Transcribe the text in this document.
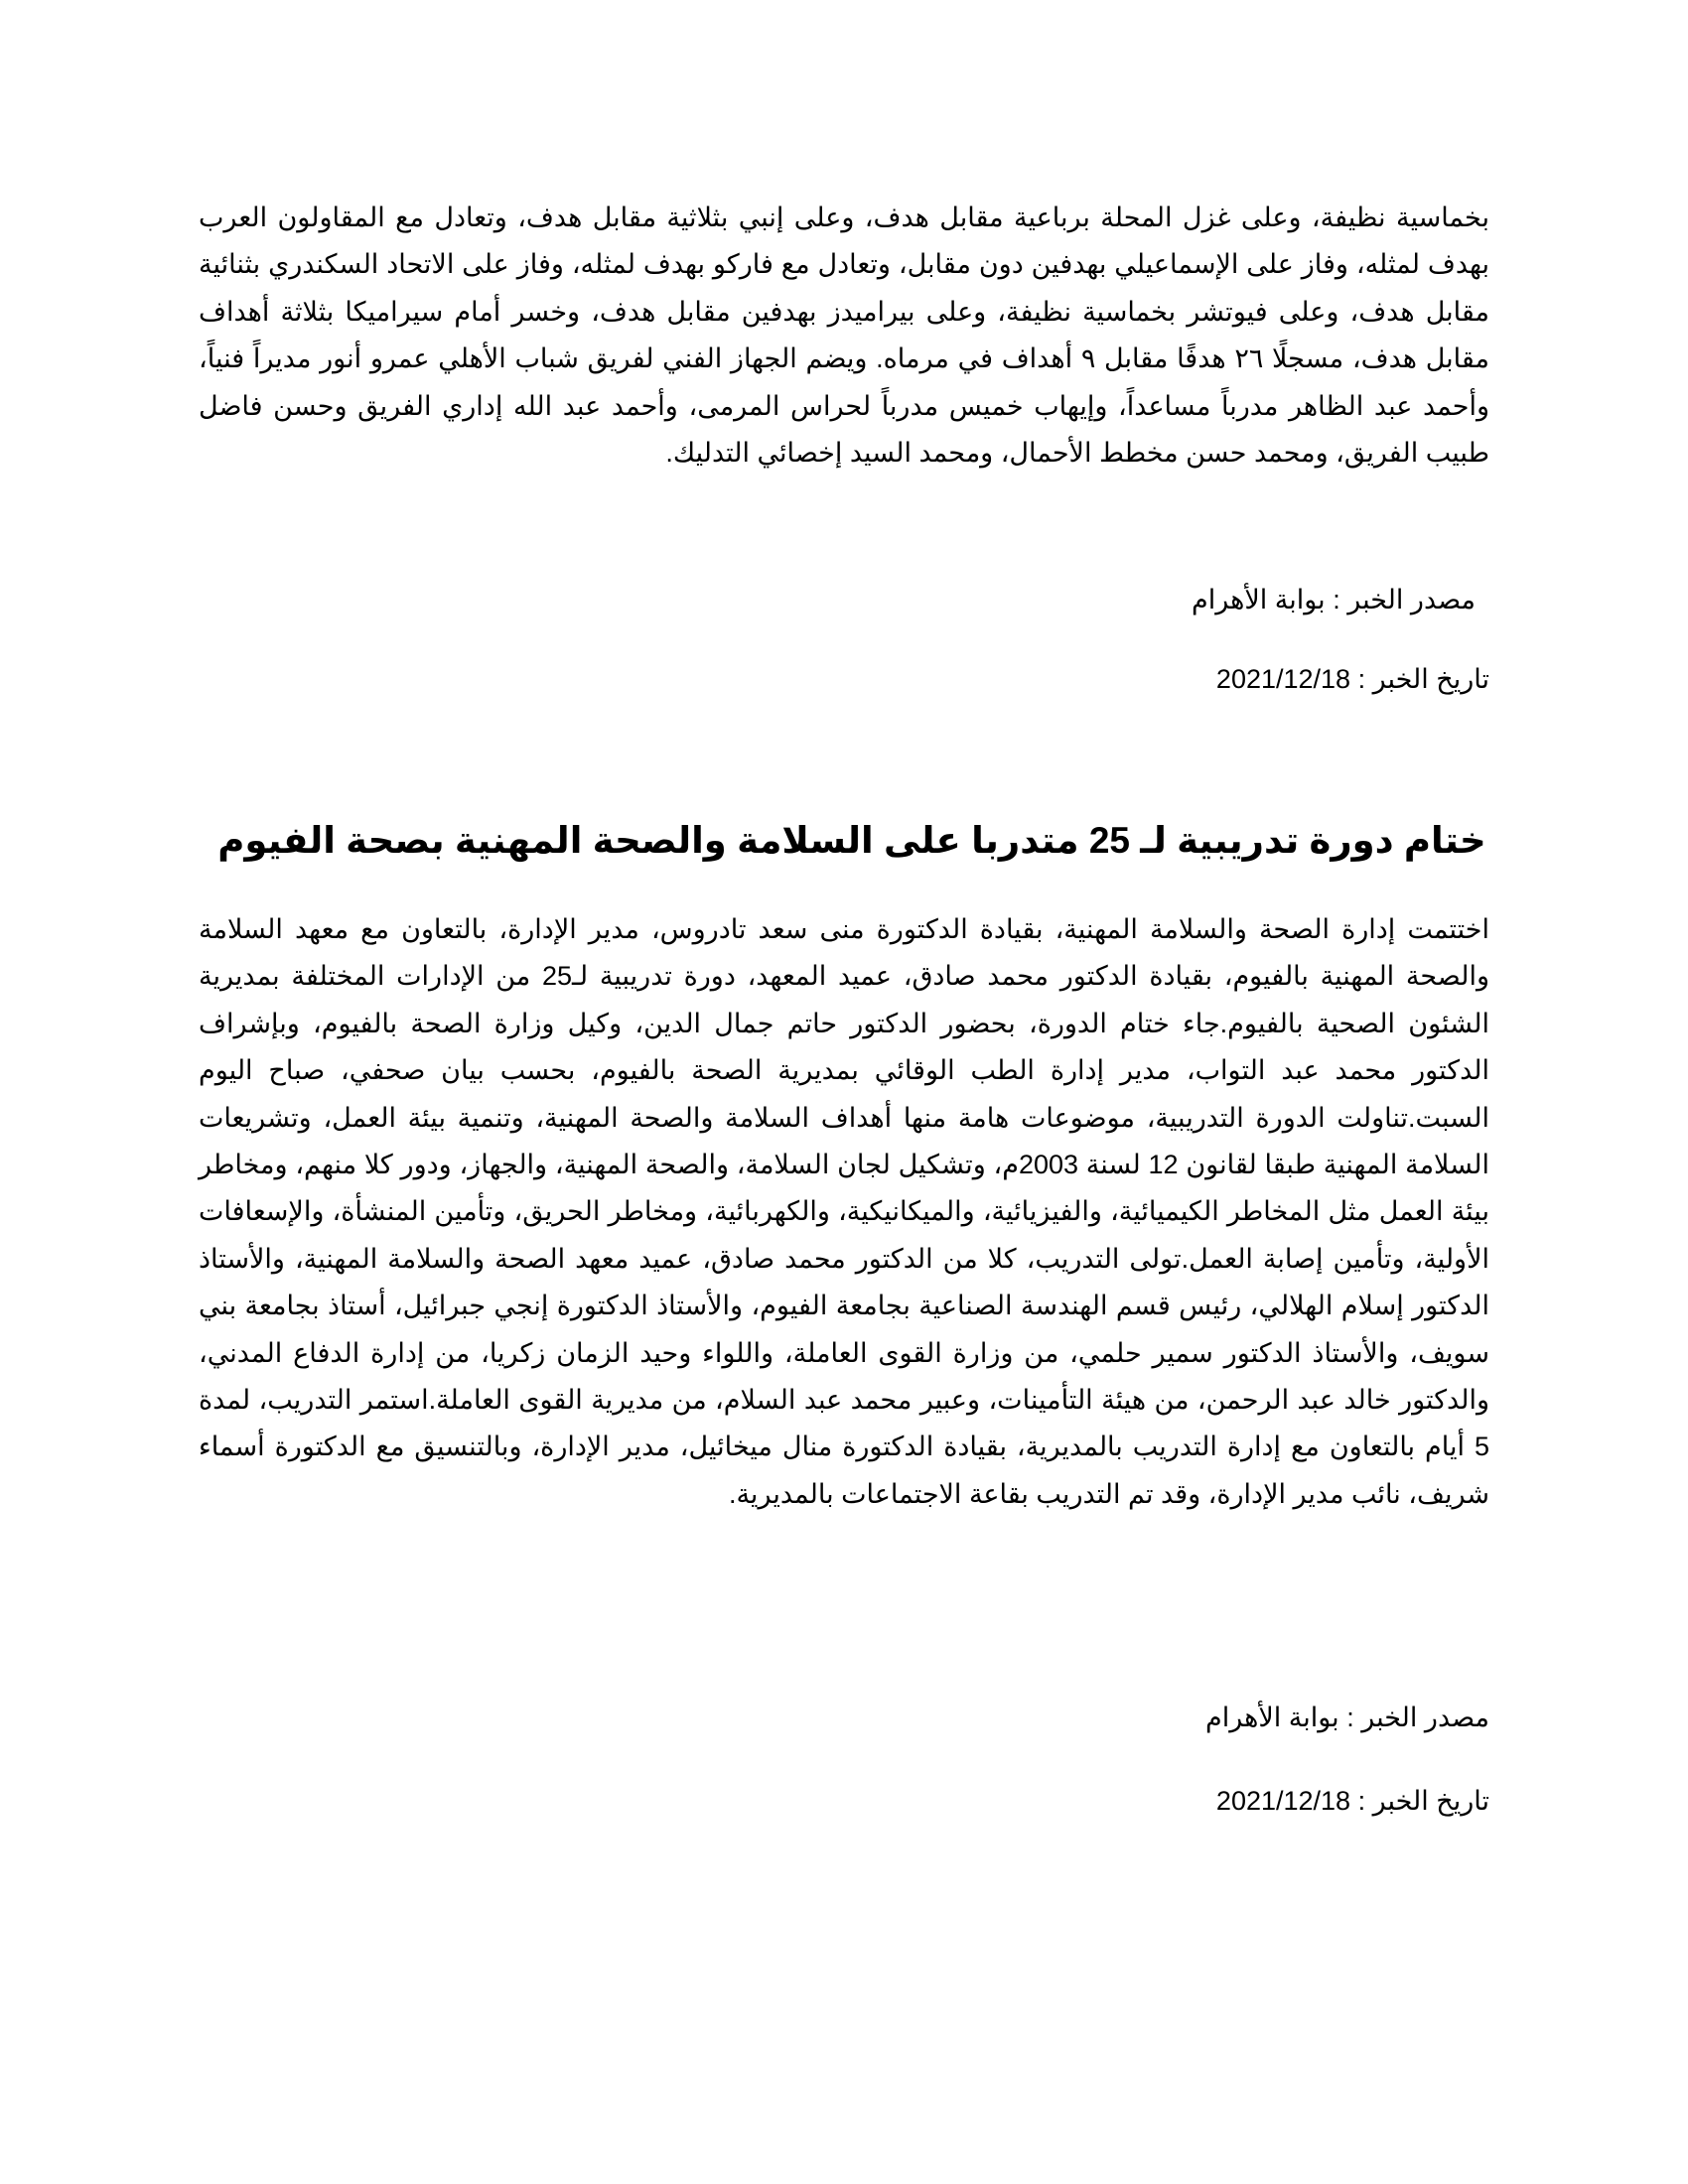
بخماسية نظيفة، وعلى غزل المحلة برباعية مقابل هدف، وعلى إنبي بثلاثية مقابل هدف، وتعادل مع المقاولون العرب بهدف لمثله، وفاز على الإسماعيلي بهدفين دون مقابل، وتعادل مع فاركو بهدف لمثله، وفاز على الاتحاد السكندري بثنائية مقابل هدف، وعلى فيوتشر بخماسية نظيفة، وعلى بيراميدز بهدفين مقابل هدف، وخسر أمام سيراميكا بثلاثة أهداف مقابل هدف، مسجلًا ٢٦ هدفًا مقابل ٩ أهداف في مرماه. ويضم الجهاز الفني لفريق شباب الأهلي عمرو أنور مديراً فنياً، وأحمد عبد الظاهر مدرباً مساعداً، وإيهاب خميس مدرباً لحراس المرمى، وأحمد عبد الله إداري الفريق وحسن فاضل طبيب الفريق، ومحمد حسن مخطط الأحمال، ومحمد السيد إخصائي التدليك.

مصدر الخبر : بوابة الأهرام

تاريخ الخبر : 2021/12/18

ختام دورة تدريبية لـ 25 متدربا على السلامة والصحة المهنية بصحة الفيوم

اختتمت إدارة الصحة والسلامة المهنية، بقيادة الدكتورة منى سعد تادروس، مدير الإدارة، بالتعاون مع معهد السلامة والصحة المهنية بالفيوم، بقيادة الدكتور محمد صادق، عميد المعهد، دورة تدريبية لـ25 من الإدارات المختلفة بمديرية الشئون الصحية بالفيوم.جاء ختام الدورة، بحضور الدكتور حاتم جمال الدين، وكيل وزارة الصحة بالفيوم، وبإشراف الدكتور محمد عبد التواب، مدير إدارة الطب الوقائي بمديرية الصحة بالفيوم، بحسب بيان صحفي، صباح اليوم السبت.تناولت الدورة التدريبية، موضوعات هامة منها أهداف السلامة والصحة المهنية، وتنمية بيئة العمل، وتشريعات السلامة المهنية طبقا لقانون 12 لسنة 2003م، وتشكيل لجان السلامة، والصحة المهنية، والجهاز، ودور كلا منهم، ومخاطر بيئة العمل مثل المخاطر الكيميائية، والفيزيائية، والميكانيكية، والكهربائية، ومخاطر الحريق، وتأمين المنشأة، والإسعافات الأولية، وتأمين إصابة العمل.تولى التدريب، كلا من الدكتور محمد صادق، عميد معهد الصحة والسلامة المهنية، والأستاذ الدكتور إسلام الهلالي، رئيس قسم الهندسة الصناعية بجامعة الفيوم، والأستاذ الدكتورة إنجي جبرائيل، أستاذ بجامعة بني سويف، والأستاذ الدكتور سمير حلمي، من وزارة القوى العاملة، واللواء وحيد الزمان زكريا، من إدارة الدفاع المدني، والدكتور خالد عبد الرحمن، من هيئة التأمينات، وعبير محمد عبد السلام، من مديرية القوى العاملة.استمر التدريب، لمدة 5 أيام بالتعاون مع إدارة التدريب بالمديرية، بقيادة الدكتورة منال ميخائيل، مدير الإدارة، وبالتنسيق مع الدكتورة أسماء شريف، نائب مدير الإدارة، وقد تم التدريب بقاعة الاجتماعات بالمديرية.

مصدر الخبر : بوابة الأهرام

تاريخ الخبر : 2021/12/18
